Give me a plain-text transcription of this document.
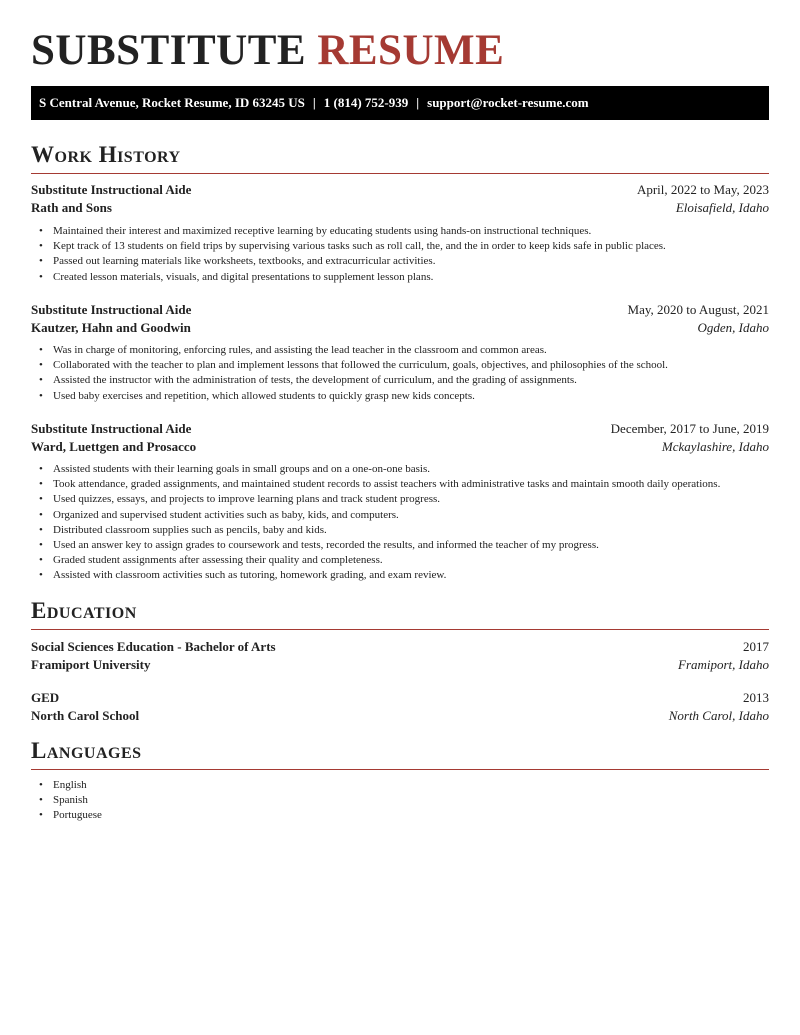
SUBSTITUTE RESUME
S Central Avenue, Rocket Resume, ID 63245 US | 1 (814) 752-939 | support@rocket-resume.com
Work History
Substitute Instructional Aide	April, 2022 to May, 2023
Rath and Sons	Eloisafield, Idaho
• Maintained their interest and maximized receptive learning by educating students using hands-on instructional techniques.
• Kept track of 13 students on field trips by supervising various tasks such as roll call, the, and the in order to keep kids safe in public places.
• Passed out learning materials like worksheets, textbooks, and extracurricular activities.
• Created lesson materials, visuals, and digital presentations to supplement lesson plans.
Substitute Instructional Aide	May, 2020 to August, 2021
Kautzer, Hahn and Goodwin	Ogden, Idaho
• Was in charge of monitoring, enforcing rules, and assisting the lead teacher in the classroom and common areas.
• Collaborated with the teacher to plan and implement lessons that followed the curriculum, goals, objectives, and philosophies of the school.
• Assisted the instructor with the administration of tests, the development of curriculum, and the grading of assignments.
• Used baby exercises and repetition, which allowed students to quickly grasp new kids concepts.
Substitute Instructional Aide	December, 2017 to June, 2019
Ward, Luettgen and Prosacco	Mckaylashire, Idaho
• Assisted students with their learning goals in small groups and on a one-on-one basis.
• Took attendance, graded assignments, and maintained student records to assist teachers with administrative tasks and maintain smooth daily operations.
• Used quizzes, essays, and projects to improve learning plans and track student progress.
• Organized and supervised student activities such as baby, kids, and computers.
• Distributed classroom supplies such as pencils, baby and kids.
• Used an answer key to assign grades to coursework and tests, recorded the results, and informed the teacher of my progress.
• Graded student assignments after assessing their quality and completeness.
• Assisted with classroom activities such as tutoring, homework grading, and exam review.
Education
Social Sciences Education - Bachelor of Arts	2017
Framiport University	Framiport, Idaho
GED	2013
North Carol School	North Carol, Idaho
Languages
• English
• Spanish
• Portuguese
